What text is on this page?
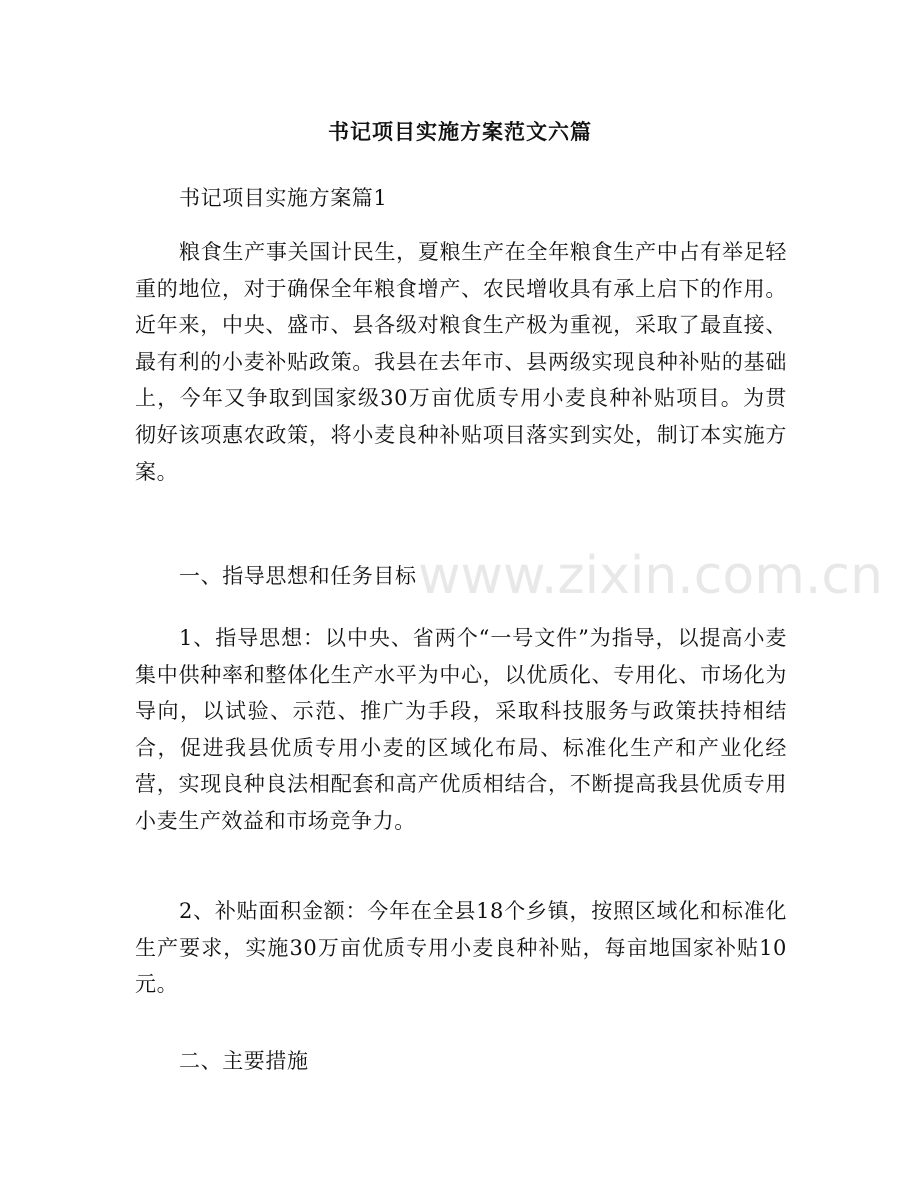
书记项目实施方案范文六篇

书记项目实施方案篇1

粮食生产事关国计民生，夏粮生产在全年粮食生产中占有举足轻重的地位，对于确保全年粮食增产、农民增收具有承上启下的作用。近年来，中央、盛市、县各级对粮食生产极为重视，采取了最直接、最有利的小麦补贴政策。我县在去年市、县两级实现良种补贴的基础上，今年又争取到国家级30万亩优质专用小麦良种补贴项目。为贯彻好该项惠农政策，将小麦良种补贴项目落实到实处，制订本实施方案。

一、指导思想和任务目标

1、指导思想：以中央、省两个“一号文件”为指导，以提高小麦集中供种率和整体化生产水平为中心，以优质化、专用化、市场化为导向，以试验、示范、推广为手段，采取科技服务与政策扶持相结合，促进我县优质专用小麦的区域化布局、标准化生产和产业化经营，实现良种良法相配套和高产优质相结合，不断提高我县优质专用小麦生产效益和市场竞争力。

2、补贴面积金额：今年在全县18个乡镇，按照区域化和标准化生产要求，实施30万亩优质专用小麦良种补贴，每亩地国家补贴10元。

二、主要措施

www.zixin.com.cn
